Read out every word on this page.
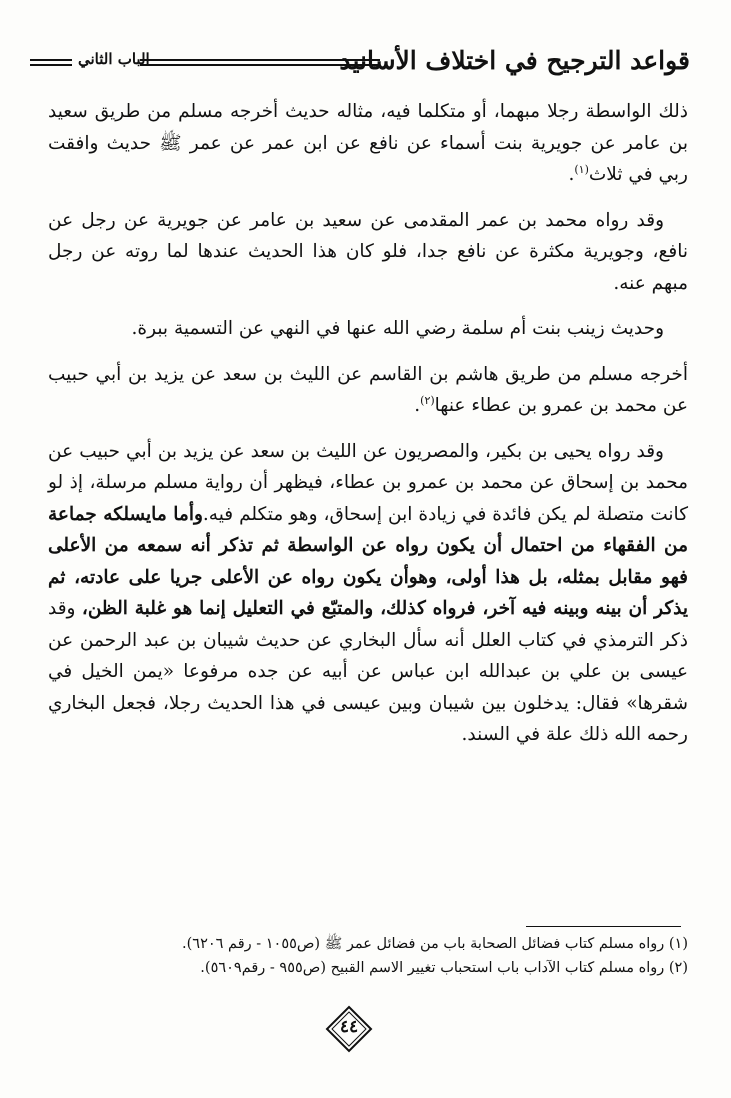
قواعد الترجيح في اختلاف الأسانيد
الباب الثاني

ذلك الواسطة رجلا مبهما، أو متكلما فيه، مثاله حديث أخرجه مسلم من طريق سعيد بن عامر عن جويرية بنت أسماء عن نافع عن ابن عمر عن عمر ﷺ حديث وافقت ربي في ثلاث$^{(١)}$.

وقد رواه محمد بن عمر المقدمى عن سعيد بن عامر عن جويرية عن رجل عن نافع، وجويرية مكثرة عن نافع جدا، فلو كان هذا الحديث عندها لما روته عن رجل مبهم عنه.

وحديث زينب بنت أم سلمة رضي الله عنها في النهي عن التسمية ببرة.

أخرجه مسلم من طريق هاشم بن القاسم عن الليث بن سعد عن يزيد بن أبي حبيب عن محمد بن عمرو بن عطاء عنها$^{(٢)}$.

وقد رواه يحيى بن بكير، والمصريون عن الليث بن سعد عن يزيد بن أبي حبيب عن محمد بن إسحاق عن محمد بن عمرو بن عطاء، فيظهر أن رواية مسلم مرسلة، إذ لو كانت متصلة لم يكن فائدة في زيادة ابن إسحاق، وهو متكلم فيه.وأما مايسلكه جماعة من الفقهاء من احتمال أن يكون رواه عن الواسطة ثم تذكر أنه سمعه من الأعلى فهو مقابل بمثله، بل هذا أولى، وهوأن يكون رواه عن الأعلى جريا على عادته، ثم يذكر أن بينه وبينه فيه آخر، فرواه كذلك، والمتبّع في التعليل إنما هو غلبة الظن، وقد ذكر الترمذي في كتاب العلل أنه سأل البخاري عن حديث شيبان بن عبد الرحمن عن عيسى بن علي بن عبدالله ابن عباس عن أبيه عن جده مرفوعا «يمن الخيل في شقرها» فقال: يدخلون بين شيبان وبين عيسى في هذا الحديث رجلا، فجعل البخاري رحمه الله ذلك علة في السند.

(١) رواه مسلم كتاب فضائل الصحابة باب من فضائل عمر ﷺ (ص١٠٥٥ - رقم ٦٢٠٦).
(٢) رواه مسلم كتاب الآداب باب استحباب تغيير الاسم القبيح (ص٩٥٥ - رقم٥٦٠٩).
٤٤
